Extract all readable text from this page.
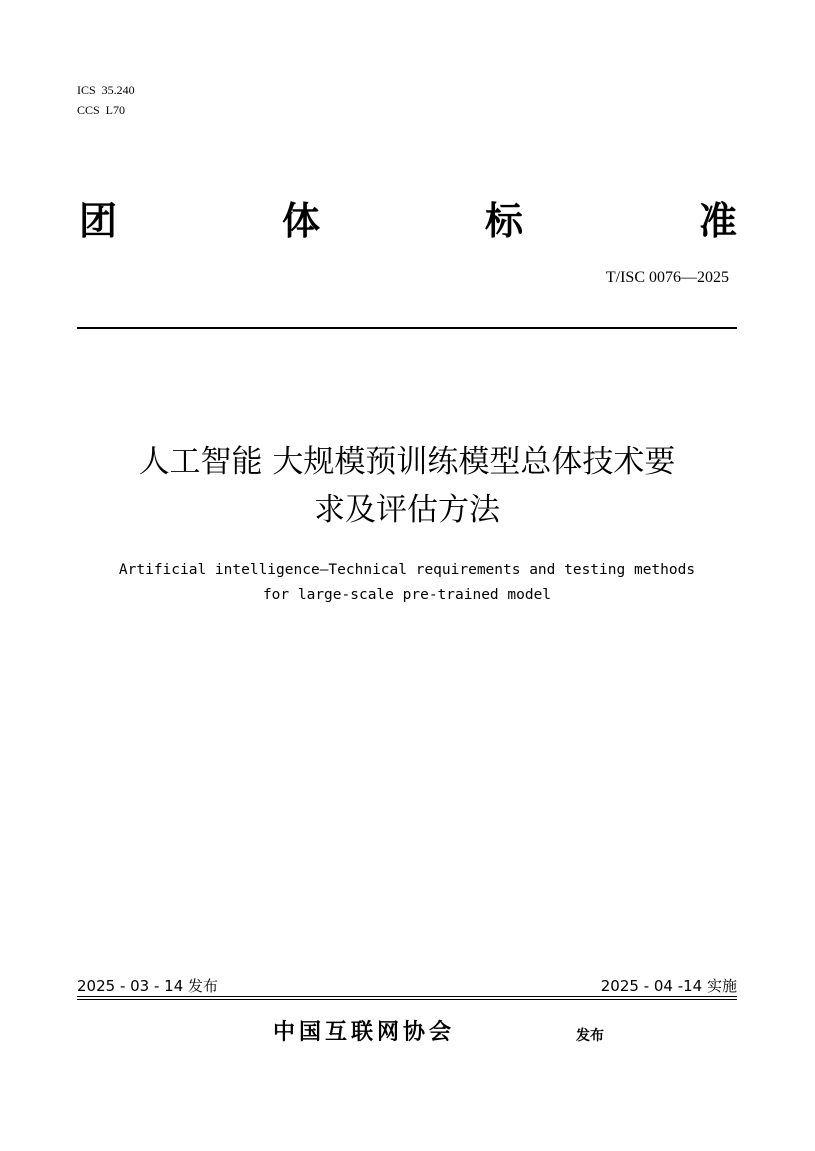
ICS  35.240
CCS  L70
团	体	标	准
T/ISC 0076—2025
人工智能 大规模预训练模型总体技术要
求及评估方法
Artificial intelligence—Technical requirements and testing methods
for large-scale pre-trained model
2025 - 03 - 14 发布	2025 - 04 -14 实施
中国互联网协会	发布
